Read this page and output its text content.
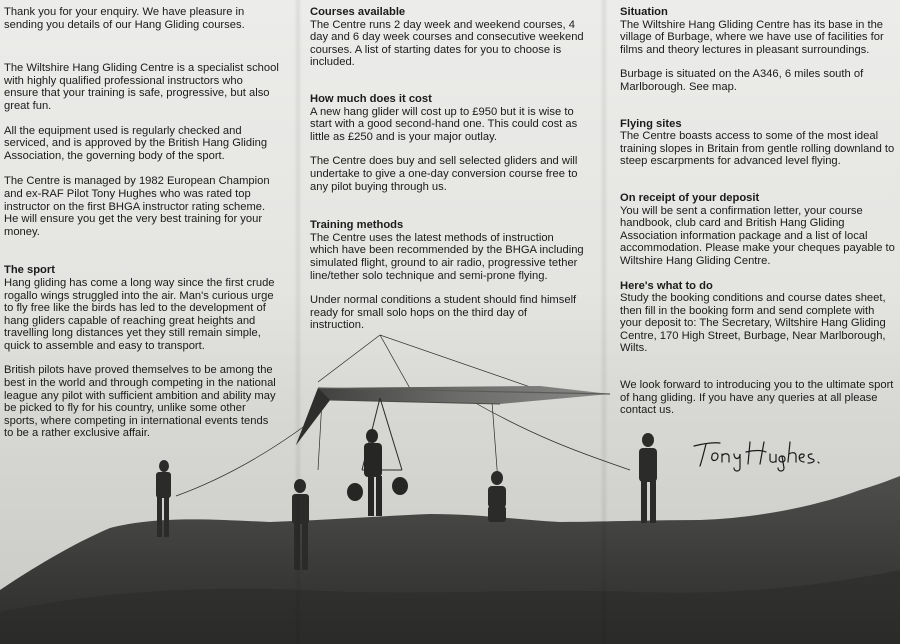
Thank you for your enquiry. We have pleasure in sending you details of our Hang Gliding courses.

The Wiltshire Hang Gliding Centre is a specialist school with highly qualified professional instructors who ensure that your training is safe, progressive, but also great fun.

All the equipment used is regularly checked and serviced, and is approved by the British Hang Gliding Association, the governing body of the sport.

The Centre is managed by 1982 European Champion and ex-RAF Pilot Tony Hughes who was rated top instructor on the first BHGA instructor rating scheme. He will ensure you get the very best training for your money.

The sport

Hang gliding has come a long way since the first crude rogallo wings struggled into the air. Man's curious urge to fly free like the birds has led to the development of hang gliders capable of reaching great heights and travelling long distances yet they still remain simple, quick to assemble and easy to transport.

British pilots have proved themselves to be among the best in the world and through competing in the national league any pilot with sufficient ambition and ability may be picked to fly for his country, unlike some other sports, where competing in international events tends to be a rather exclusive affair.

Courses available

The Centre runs 2 day week and weekend courses, 4 day and 6 day week courses and consecutive weekend courses. A list of starting dates for you to choose is included.

How much does it cost

A new hang glider will cost up to £950 but it is wise to start with a good second-hand one. This could cost as little as £250 and is your major outlay.

The Centre does buy and sell selected gliders and will undertake to give a one-day conversion course free to any pilot buying through us.

Training methods

The Centre uses the latest methods of instruction which have been recommended by the BHGA including simulated flight, ground to air radio, progressive tether line/tether solo technique and semi-prone flying.

Under normal conditions a student should find himself ready for small solo hops on the third day of instruction.

Situation

The Wiltshire Hang Gliding Centre has its base in the village of Burbage, where we have use of facilities for films and theory lectures in pleasant surroundings.

Burbage is situated on the A346, 6 miles south of Marlborough. See map.

Flying sites

The Centre boasts access to some of the most ideal training slopes in Britain from gentle rolling downland to steep escarpments for advanced level flying.

On receipt of your deposit

You will be sent a confirmation letter, your course handbook, club card and British Hang Gliding Association information package and a list of local accommodation. Please make your cheques payable to Wiltshire Hang Gliding Centre.

Here's what to do

Study the booking conditions and course dates sheet, then fill in the booking form and send complete with your deposit to: The Secretary, Wiltshire Hang Gliding Centre, 170 High Street, Burbage, Near Marlborough, Wilts.

We look forward to introducing you to the ultimate sport of hang gliding. If you have any queries at all please contact us.
